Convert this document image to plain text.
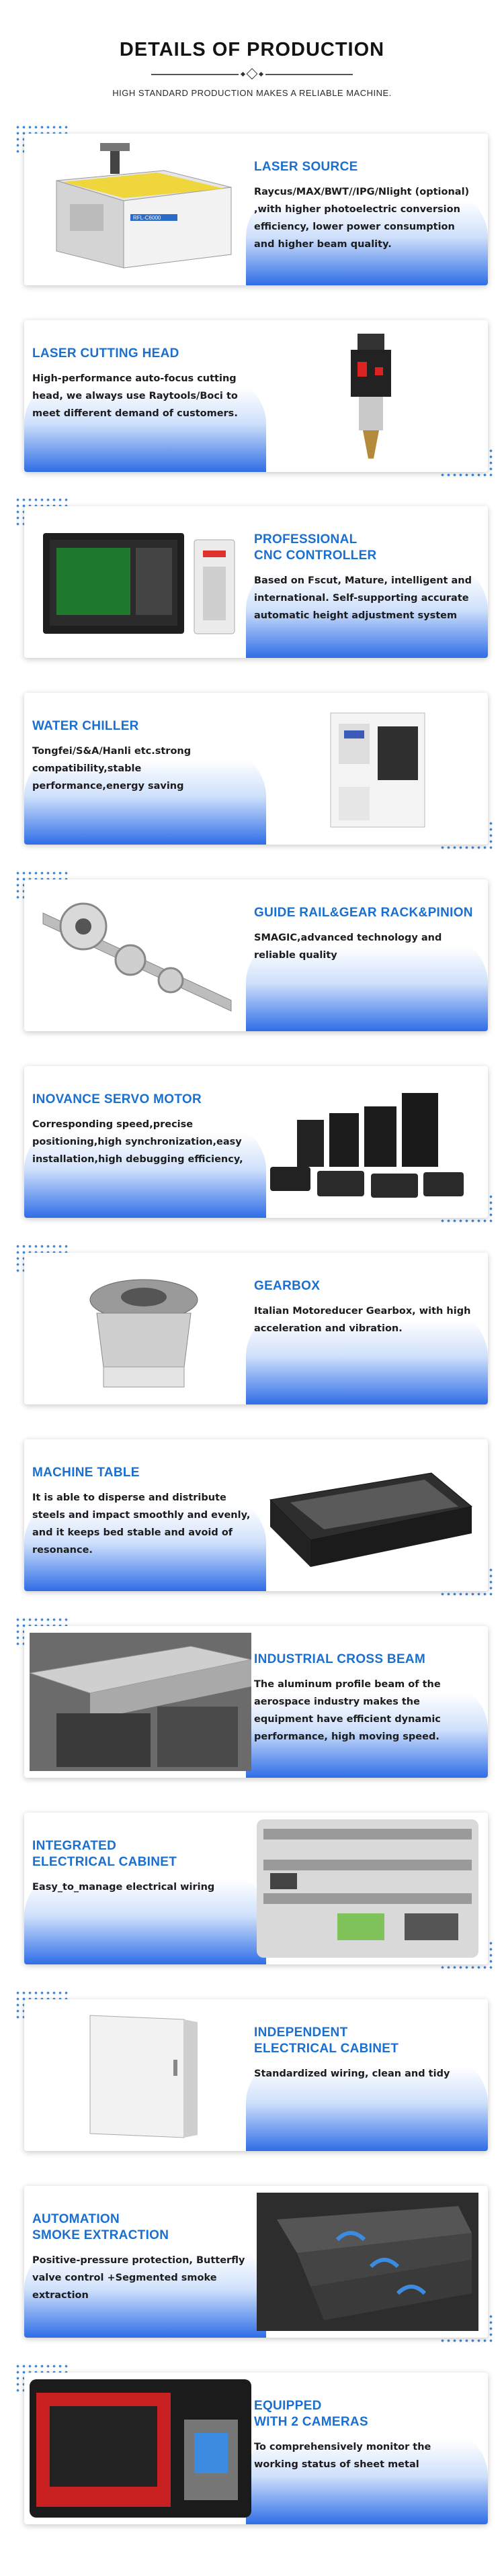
DETAILS OF PRODUCTION
HIGH STANDARD PRODUCTION MAKES A RELIABLE MACHINE.
RFL-C6000
LASER SOURCE
Raycus/MAX/BWT//IPG/Nlight (optional) ,with higher photoelectric conversion efficiency, lower power consumption and higher beam quality.
LASER CUTTING HEAD
High-performance auto-focus cutting head, we always use Raytools/Boci to meet different demand of customers.
PROFESSIONAL
CNC CONTROLLER
Based on Fscut, Mature, intelligent and international. Self-supporting accurate automatic height adjustment system
WATER CHILLER
Tongfei/S&A/Hanli etc.strong compatibility,stable performance,energy saving
GUIDE RAIL&GEAR RACK&PINION
SMAGIC,advanced technology and reliable quality
INOVANCE SERVO MOTOR
Corresponding speed,precise positioning,high synchronization,easy installation,high debugging efficiency,
GEARBOX
Italian Motoreducer Gearbox, with high acceleration and vibration.
MACHINE TABLE
It is able to disperse and distribute steels and impact smoothly and evenly, and it keeps bed stable and avoid of resonance.
INDUSTRIAL CROSS BEAM
The aluminum profile beam of the aerospace industry makes the equipment have efficient dynamic performance, high moving speed.
INTEGRATED
ELECTRICAL CABINET
Easy_to_manage electrical wiring
INDEPENDENT
ELECTRICAL CABINET
Standardized wiring, clean and tidy
AUTOMATION
SMOKE EXTRACTION
Positive-pressure protection, Butterfly valve control +Segmented smoke extraction
EQUIPPED
WITH 2 CAMERAS
To comprehensively monitor the working status of sheet metal
